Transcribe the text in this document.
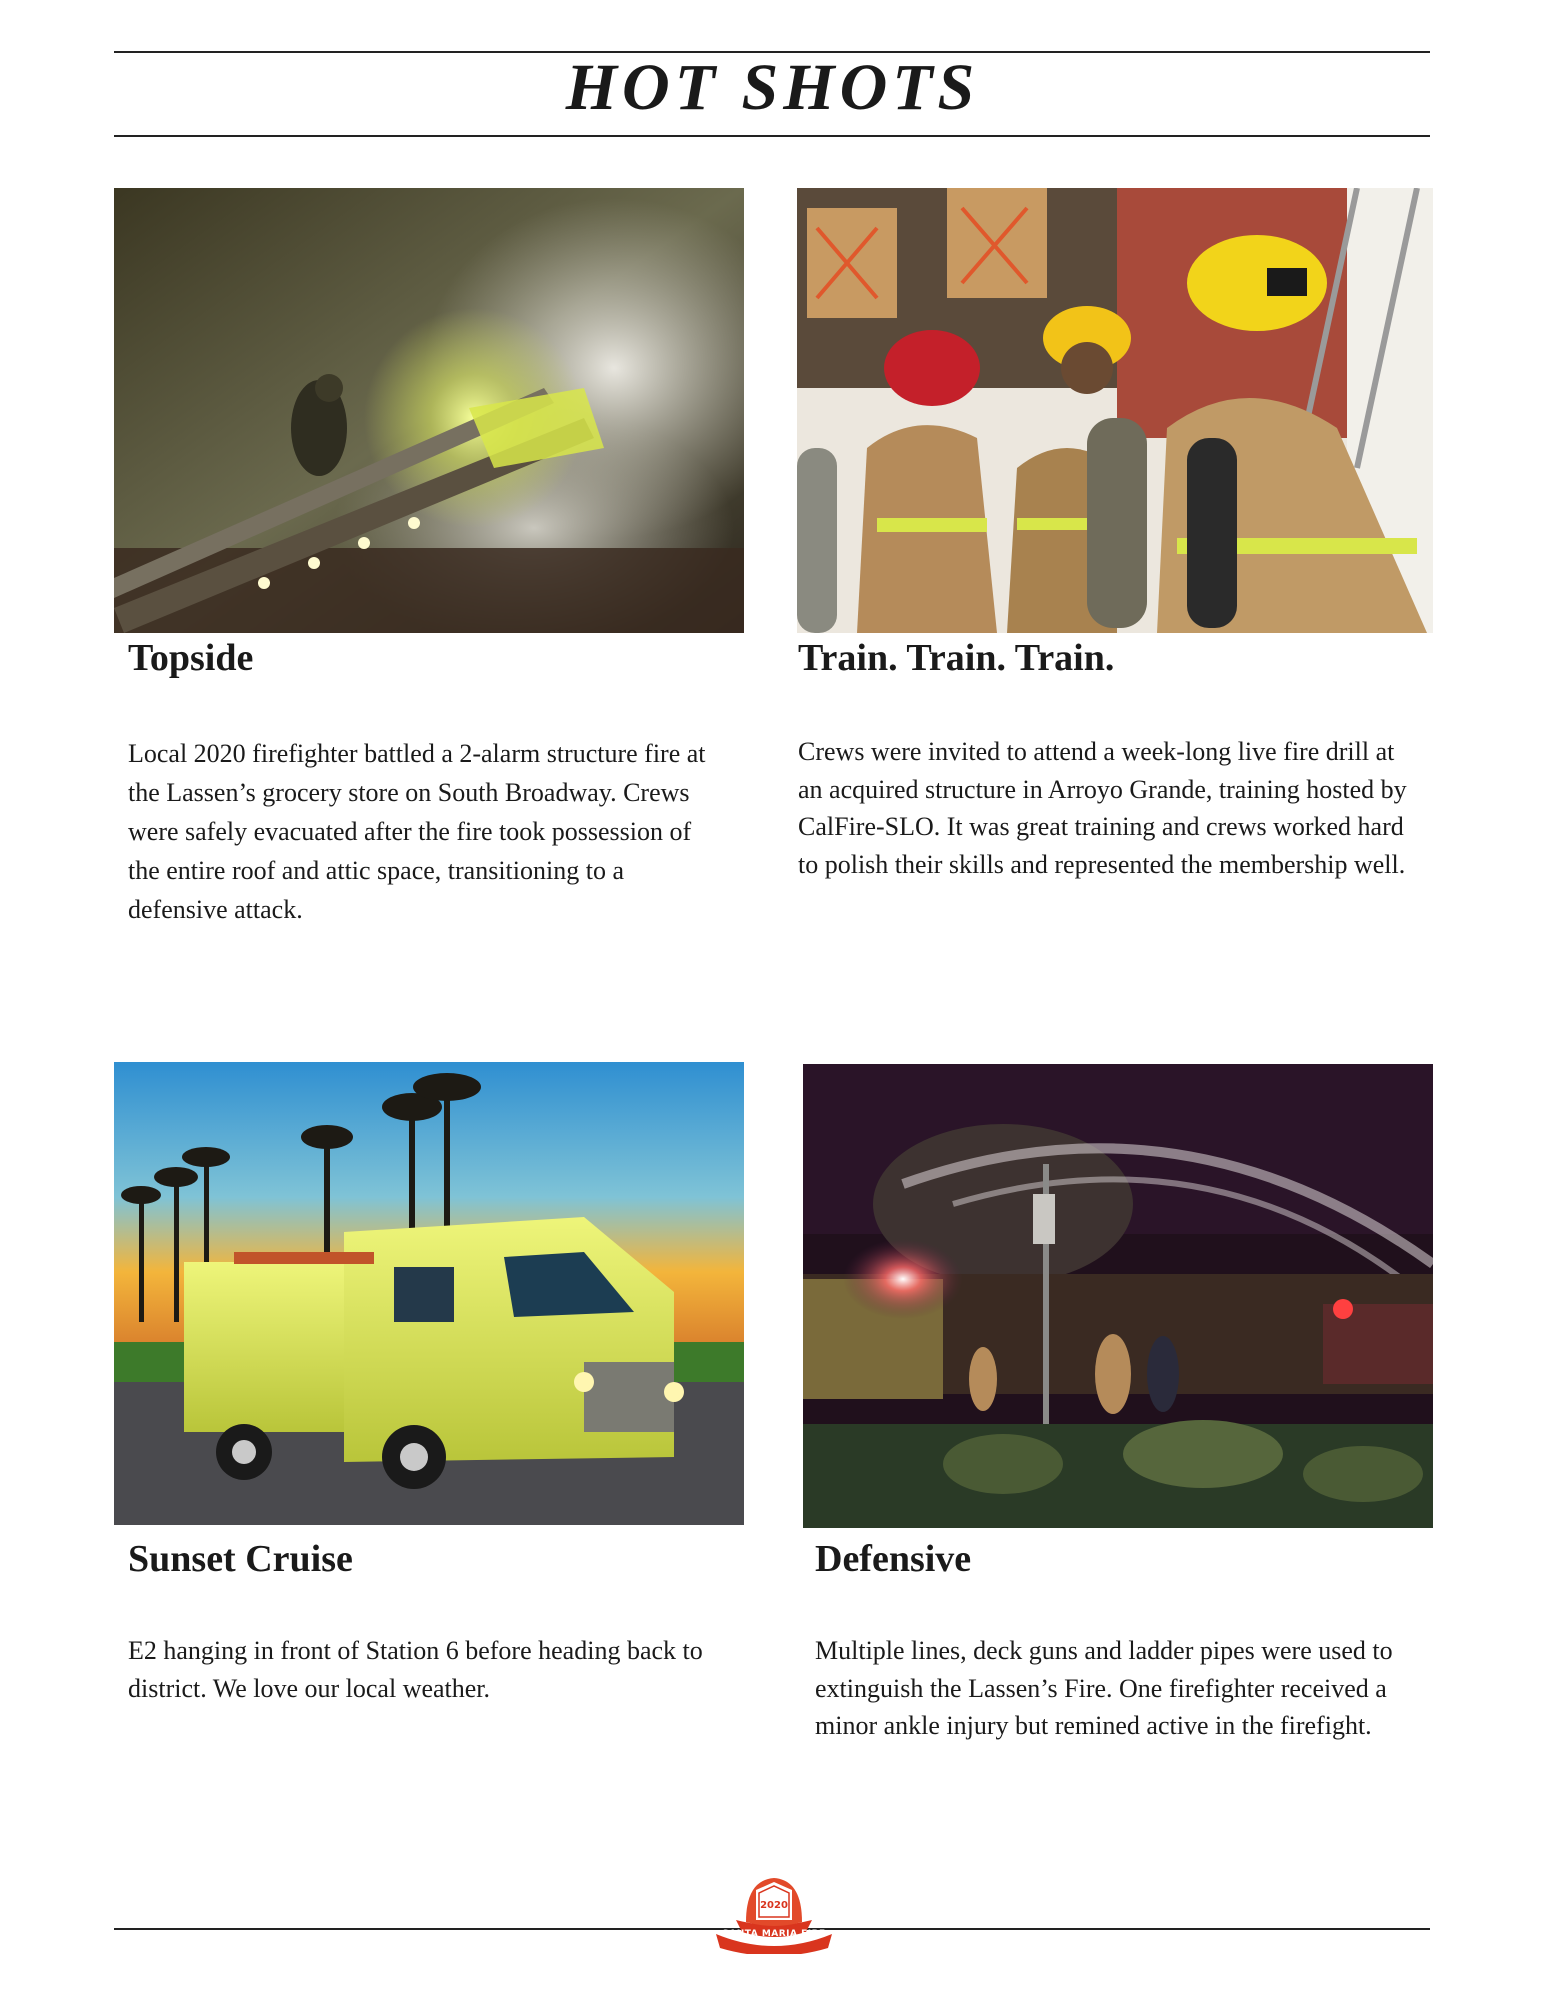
HOT SHOTS
Topside

Local 2020 firefighter battled a 2-alarm structure fire at the Lassen’s grocery store on South Broadway. Crews were safely evacuated after the fire took possession of the entire roof and attic space, transitioning to a defensive attack.

Train. Train. Train.

Crews were invited to attend a week-long live fire drill at an acquired structure in Arroyo Grande, training hosted by CalFire-SLO. It was great training and crews worked hard to polish their skills and represented the membership well.

Sunset Cruise

E2 hanging in front of Station 6 before heading back to district. We love our local weather.

Defensive

Multiple lines, deck guns and ladder pipes were used to extinguish the Lassen’s Fire. One firefighter received a minor ankle injury but remined active in the firefight.

2020
SANTA MARIA FIRE
